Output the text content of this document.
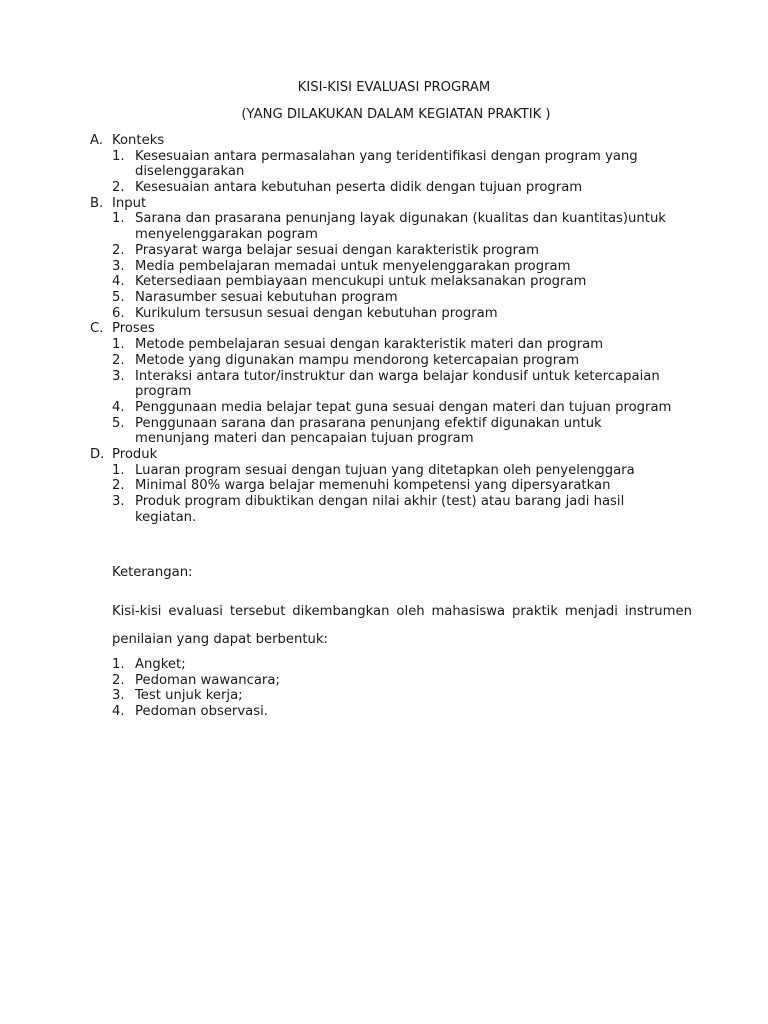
KISI-KISI EVALUASI PROGRAM
(YANG DILAKUKAN DALAM KEGIATAN PRAKTIK )
A. Konteks
1. Kesesuaian antara permasalahan yang teridentifikasi dengan program yang diselenggarakan
2. Kesesuaian antara kebutuhan peserta didik dengan tujuan program
B. Input
1. Sarana dan prasarana penunjang layak digunakan (kualitas dan kuantitas)untuk menyelenggarakan pogram
2. Prasyarat warga belajar sesuai dengan karakteristik program
3. Media pembelajaran memadai untuk menyelenggarakan program
4. Ketersediaan pembiayaan mencukupi untuk melaksanakan program
5. Narasumber sesuai kebutuhan program
6. Kurikulum tersusun sesuai dengan kebutuhan program
C. Proses
1. Metode pembelajaran sesuai dengan karakteristik materi dan program
2. Metode yang digunakan mampu mendorong ketercapaian program
3. Interaksi antara tutor/instruktur dan warga belajar kondusif untuk ketercapaian program
4. Penggunaan media belajar tepat guna sesuai dengan materi dan tujuan program
5. Penggunaan sarana dan prasarana penunjang efektif digunakan untuk menunjang materi dan pencapaian tujuan program
D. Produk
1. Luaran program sesuai dengan tujuan yang ditetapkan oleh penyelenggara
2. Minimal 80% warga belajar memenuhi kompetensi yang dipersyaratkan
3. Produk program dibuktikan dengan nilai akhir (test) atau barang jadi hasil kegiatan.
Keterangan:
Kisi-kisi evaluasi tersebut dikembangkan oleh mahasiswa praktik menjadi instrumen penilaian yang dapat berbentuk:
1. Angket;
2. Pedoman wawancara;
3. Test unjuk kerja;
4. Pedoman observasi.
